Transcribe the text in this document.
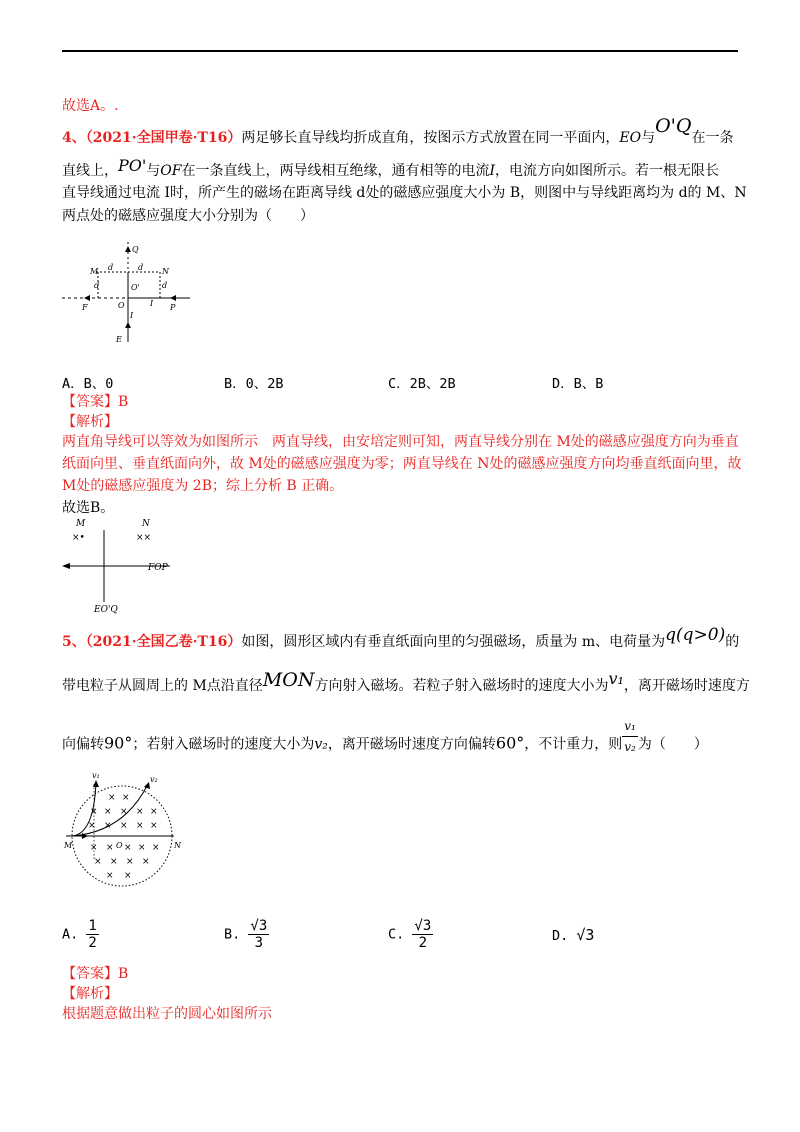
故选A。.
4、（2021·全国甲卷·T16）两足够长直导线均折成直角，按图示方式放置在同一平面内，EO与O'Q在一条
直线上，PO'与OF在一条直线上，两导线相互绝缘，通有相等的电流I，电流方向如图所示。若一根无限长
直导线通过电流 I时，所产生的磁场在距离导线 d处的磁感应强度大小为 B，则图中与导线距离均为 d的 M、N
两点处的磁感应强度大小分别为（　　）
Q
M	N
d	d
d	d
O'
O
F	P
I
I
E
A．B、0	B．0、2B	C．2B、2B	D．B、B
【答案】B
【解析】
两直角导线可以等效为如图所示　两直导线，由安培定则可知，两直导线分别在 M处的磁感应强度方向为垂直
纸面向里、垂直纸面向外，故 M处的磁感应强度为零；两直导线在 N处的磁感应强度方向均垂直纸面向里，故
M处的磁感应强度为 2B；综上分析 B 正确。
故选B。
M	N
FOP
EO'Q
×•	××
5、（2021·全国乙卷·T16）如图，圆形区域内有垂直纸面向里的匀强磁场，质量为 m、电荷量为q(q>0)的
带电粒子从圆周上的 M点沿直径MON方向射入磁场。若粒子射入磁场时的速度大小为v₁，离开磁场时速度方
向偏转90°；若射入磁场时的速度大小为v₂，离开磁场时速度方向偏转60°，不计重力，则 $\frac{\text{v₁}}{\text{v₂}}$ 为（　　）
× ×
× × × × ×
× × × × ×
× × × × ×
× × × ×
× ×
v₁	v₂
M	O	N
A. $\frac{1}{2}$	B. $\frac{√3}{3}$	C. $\frac{√3}{2}$	D. √3
【答案】B
【解析】
根据题意做出粒子的圆心如图所示
